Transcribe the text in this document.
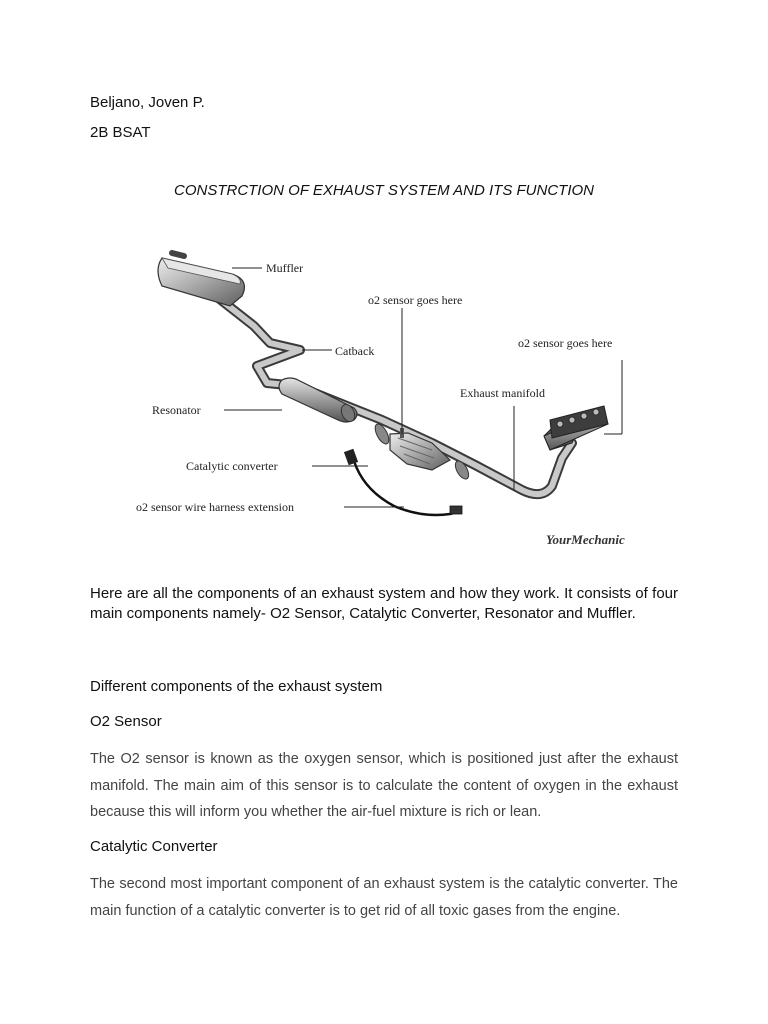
Beljano, Joven P.
2B BSAT
CONSTRCTION OF EXHAUST SYSTEM AND ITS FUNCTION
Muffler
o2 sensor goes here
o2 sensor goes here
Catback
Exhaust manifold
Resonator
Catalytic converter
o2 sensor wire harness extension
YourMechanic
Here are all the components of an exhaust system and how they work. It consists of four main components namely- O2 Sensor, Catalytic Converter, Resonator and Muffler.
Different components of the exhaust system
O2 Sensor
The O2 sensor is known as the oxygen sensor, which is positioned just after the exhaust manifold. The main aim of this sensor is to calculate the content of oxygen in the exhaust because this will inform you whether the air-fuel mixture is rich or lean.
Catalytic Converter
The second most important component of an exhaust system is the catalytic converter. The main function of a catalytic converter is to get rid of all toxic gases from the engine.
